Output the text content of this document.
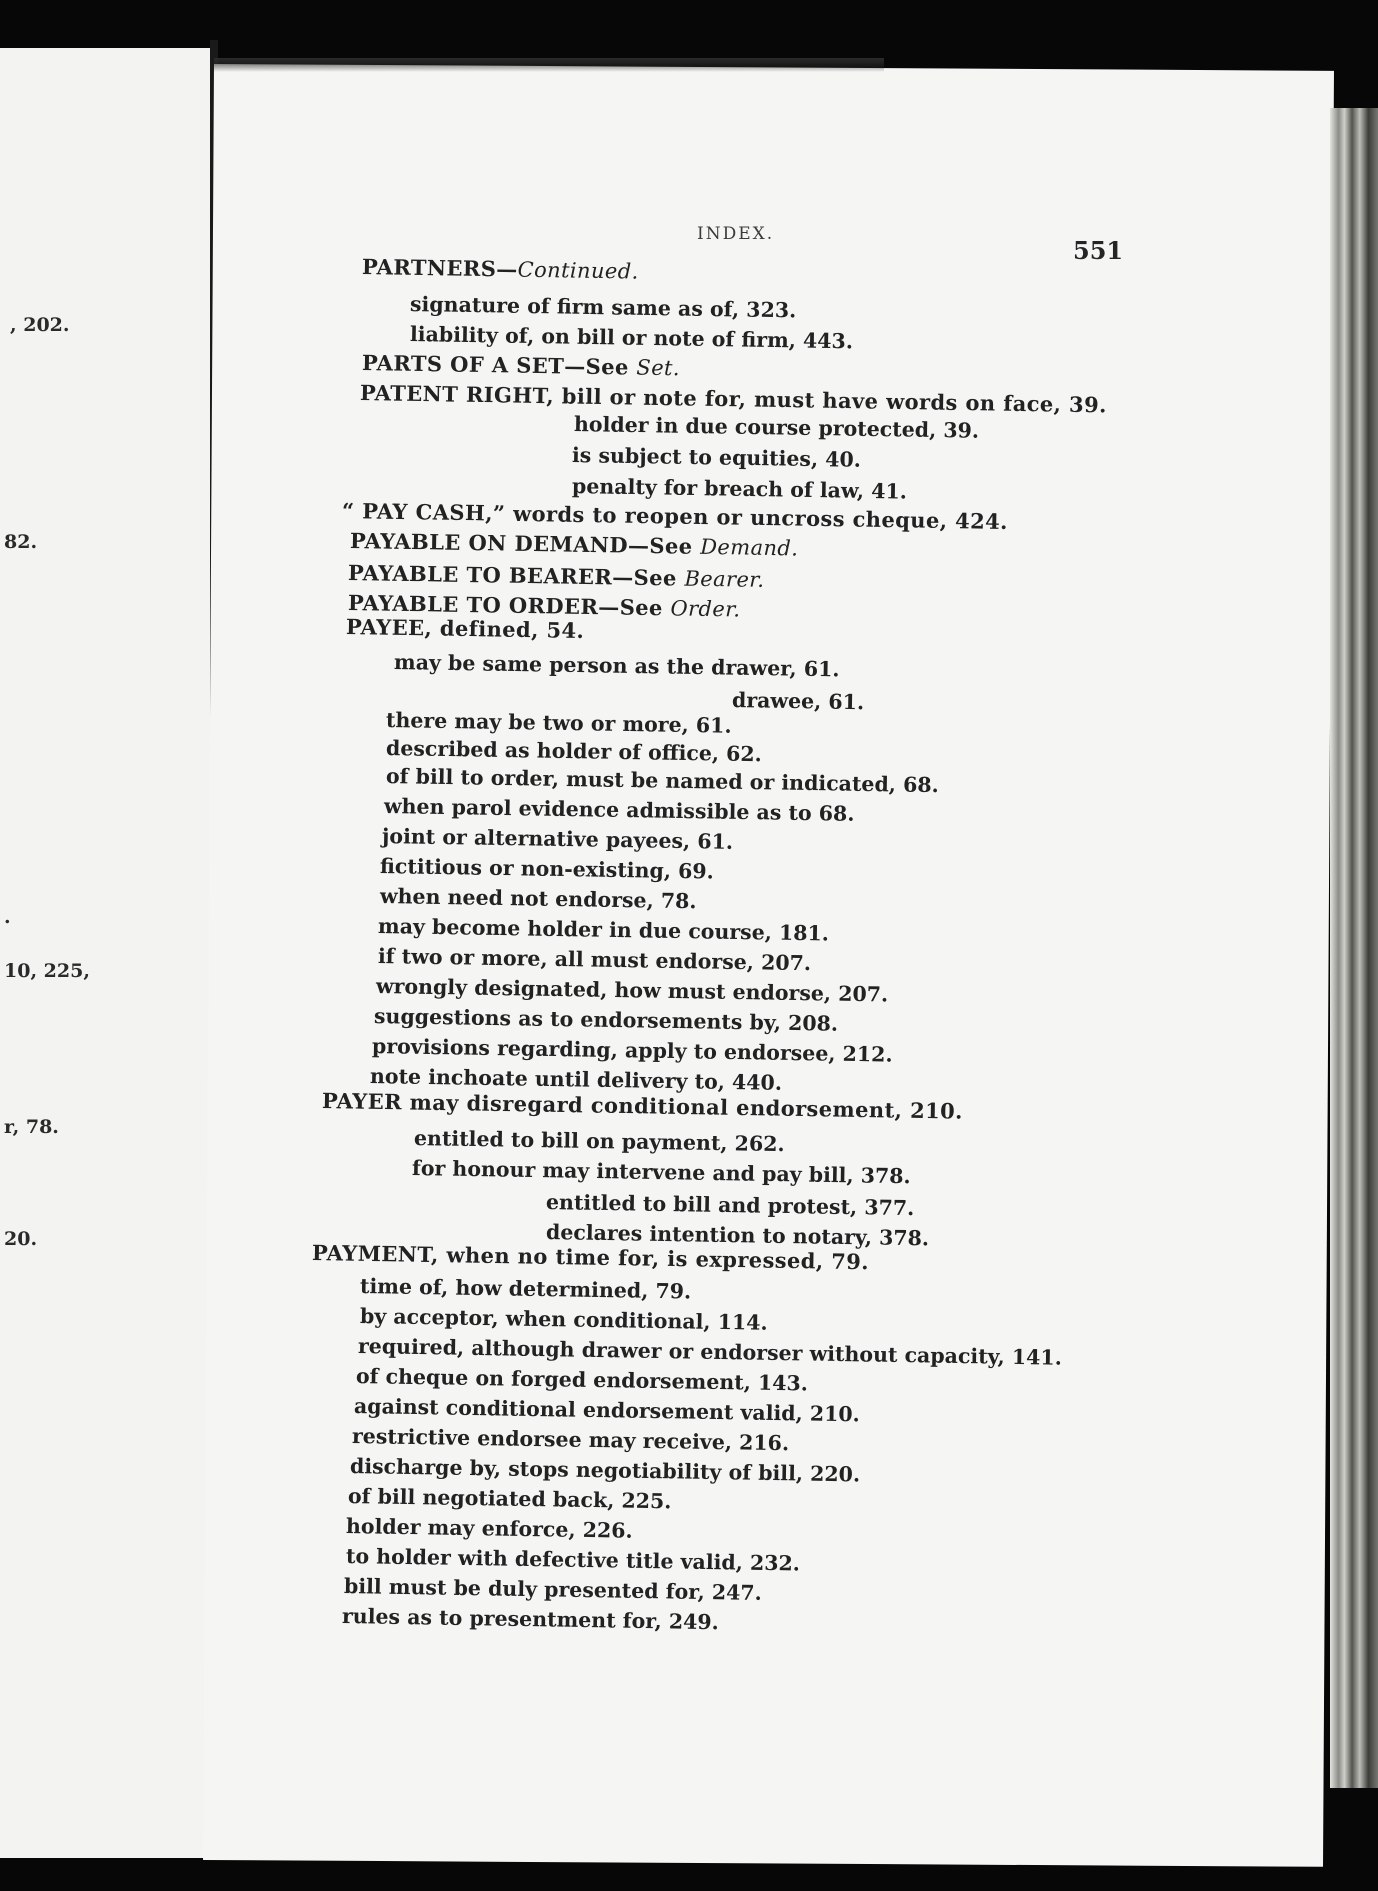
, 202.
82.
.
10, 225,
r, 78.
20.
INDEX.
551
PARTNERS—Continued.
signature of firm same as of, 323.
liability of, on bill or note of firm, 443.
PARTS OF A SET—See Set.
PATENT RIGHT, bill or note for, must have words on face, 39.
holder in due course protected, 39.
is subject to equities, 40.
penalty for breach of law, 41.
“ PAY CASH,” words to reopen or uncross cheque, 424.
PAYABLE ON DEMAND—See Demand.
PAYABLE TO BEARER—See Bearer.
PAYABLE TO ORDER—See Order.
PAYEE, defined, 54.
may be same person as the drawer, 61.
drawee, 61.
there may be two or more, 61.
described as holder of office, 62.
of bill to order, must be named or indicated, 68.
when parol evidence admissible as to 68.
joint or alternative payees, 61.
fictitious or non-existing, 69.
when need not endorse, 78.
may become holder in due course, 181.
if two or more, all must endorse, 207.
wrongly designated, how must endorse, 207.
suggestions as to endorsements by, 208.
provisions regarding, apply to endorsee, 212.
note inchoate until delivery to, 440.
PAYER may disregard conditional endorsement, 210.
entitled to bill on payment, 262.
for honour may intervene and pay bill, 378.
entitled to bill and protest, 377.
declares intention to notary, 378.
PAYMENT, when no time for, is expressed, 79.
time of, how determined, 79.
by acceptor, when conditional, 114.
required, although drawer or endorser without capacity, 141.
of cheque on forged endorsement, 143.
against conditional endorsement valid, 210.
restrictive endorsee may receive, 216.
discharge by, stops negotiability of bill, 220.
of bill negotiated back, 225.
holder may enforce, 226.
to holder with defective title valid, 232.
bill must be duly presented for, 247.
rules as to presentment for, 249.
